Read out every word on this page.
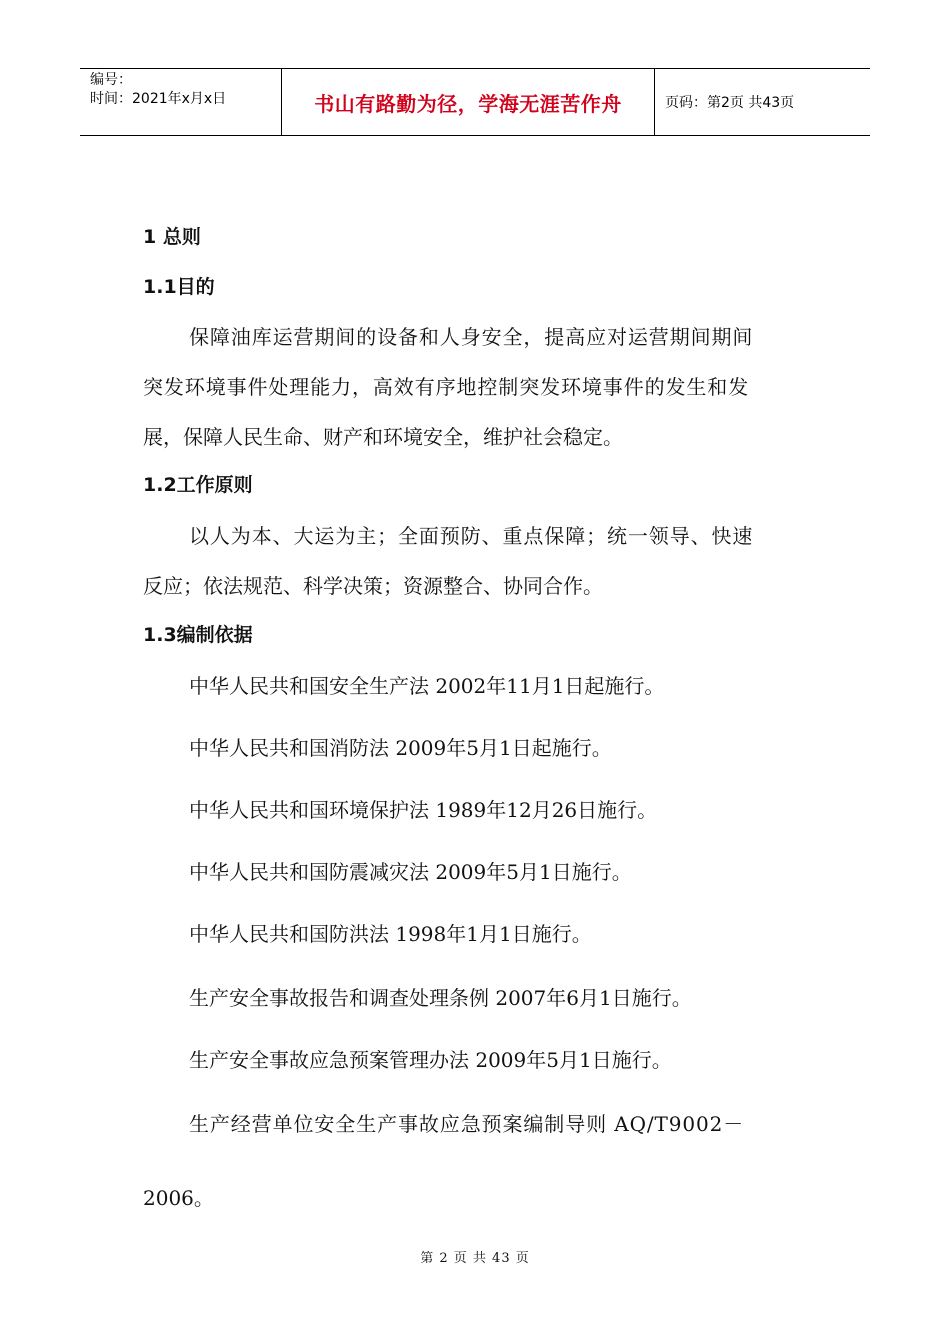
编号：
时间：2021年x月x日	书山有路勤为径，学海无涯苦作舟	页码：第2页 共43页
1 总则
1.1目的
保障油库运营期间的设备和人身安全，提高应对运营期间期间
突发环境事件处理能力，高效有序地控制突发环境事件的发生和发
展，保障人民生命、财产和环境安全，维护社会稳定。
1.2工作原则
以人为本、大运为主；全面预防、重点保障；统一领导、快速
反应；依法规范、科学决策；资源整合、协同合作。
1.3编制依据
中华人民共和国安全生产法 2002年11月1日起施行。
中华人民共和国消防法 2009年5月1日起施行。
中华人民共和国环境保护法 1989年12月26日施行。
中华人民共和国防震减灾法 2009年5月1日施行。
中华人民共和国防洪法 1998年1月1日施行。
生产安全事故报告和调查处理条例 2007年6月1日施行。
生产安全事故应急预案管理办法 2009年5月1日施行。
生产经营单位安全生产事故应急预案编制导则 AQ/T9002－
2006。
第 2 页 共 43 页
